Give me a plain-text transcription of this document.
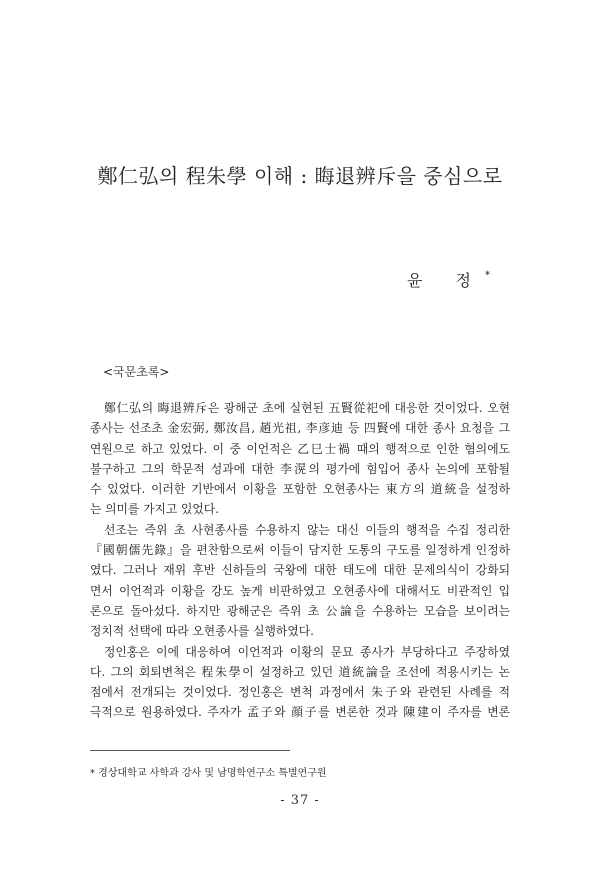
鄭仁弘의 程朱學 이해 : 晦退辨斥을 중심으로
윤 정*
<국문초록>
鄭仁弘의 晦退辨斥은 광해군 초에 실현된 五賢從祀에 대응한 것이었다. 오현
종사는 선조초 金宏弼, 鄭汝昌, 趙光祖, 李彦迪 등 四賢에 대한 종사 요청을 그
연원으로 하고 있었다. 이 중 이언적은 乙巳士禍 때의 행적으로 인한 혐의에도
불구하고 그의 학문적 성과에 대한 李滉의 평가에 힘입어 종사 논의에 포함될
수 있었다. 이러한 기반에서 이황을 포함한 오현종사는 東方의 道統을 설정하
는 의미를 가지고 있었다.
선조는 즉위 초 사현종사를 수용하지 않는 대신 이들의 행적을 수집 정리한
『國朝儒先錄』을 편찬함으로써 이들이 담지한 도통의 구도를 일정하게 인정하
였다. 그러나 재위 후반 신하들의 국왕에 대한 태도에 대한 문제의식이 강화되
면서 이언적과 이황을 강도 높게 비판하였고 오현종사에 대해서도 비관적인 입
론으로 돌아섰다. 하지만 광해군은 즉위 초 公論을 수용하는 모습을 보이려는
정치적 선택에 따라 오현종사를 실행하였다.
정인홍은 이에 대응하여 이언적과 이황의 문묘 종사가 부당하다고 주장하였
다. 그의 회퇴변척은 程朱學이 설정하고 있던 道統論을 조선에 적용시키는 논
점에서 전개되는 것이었다. 정인홍은 변척 과정에서 朱子와 관련된 사례를 적
극적으로 원용하였다. 주자가 孟子와 顔子를 변론한 것과 陳建이 주자를 변론
* 경상대학교 사학과 강사 및 남명학연구소 특별연구원
- 37 -
